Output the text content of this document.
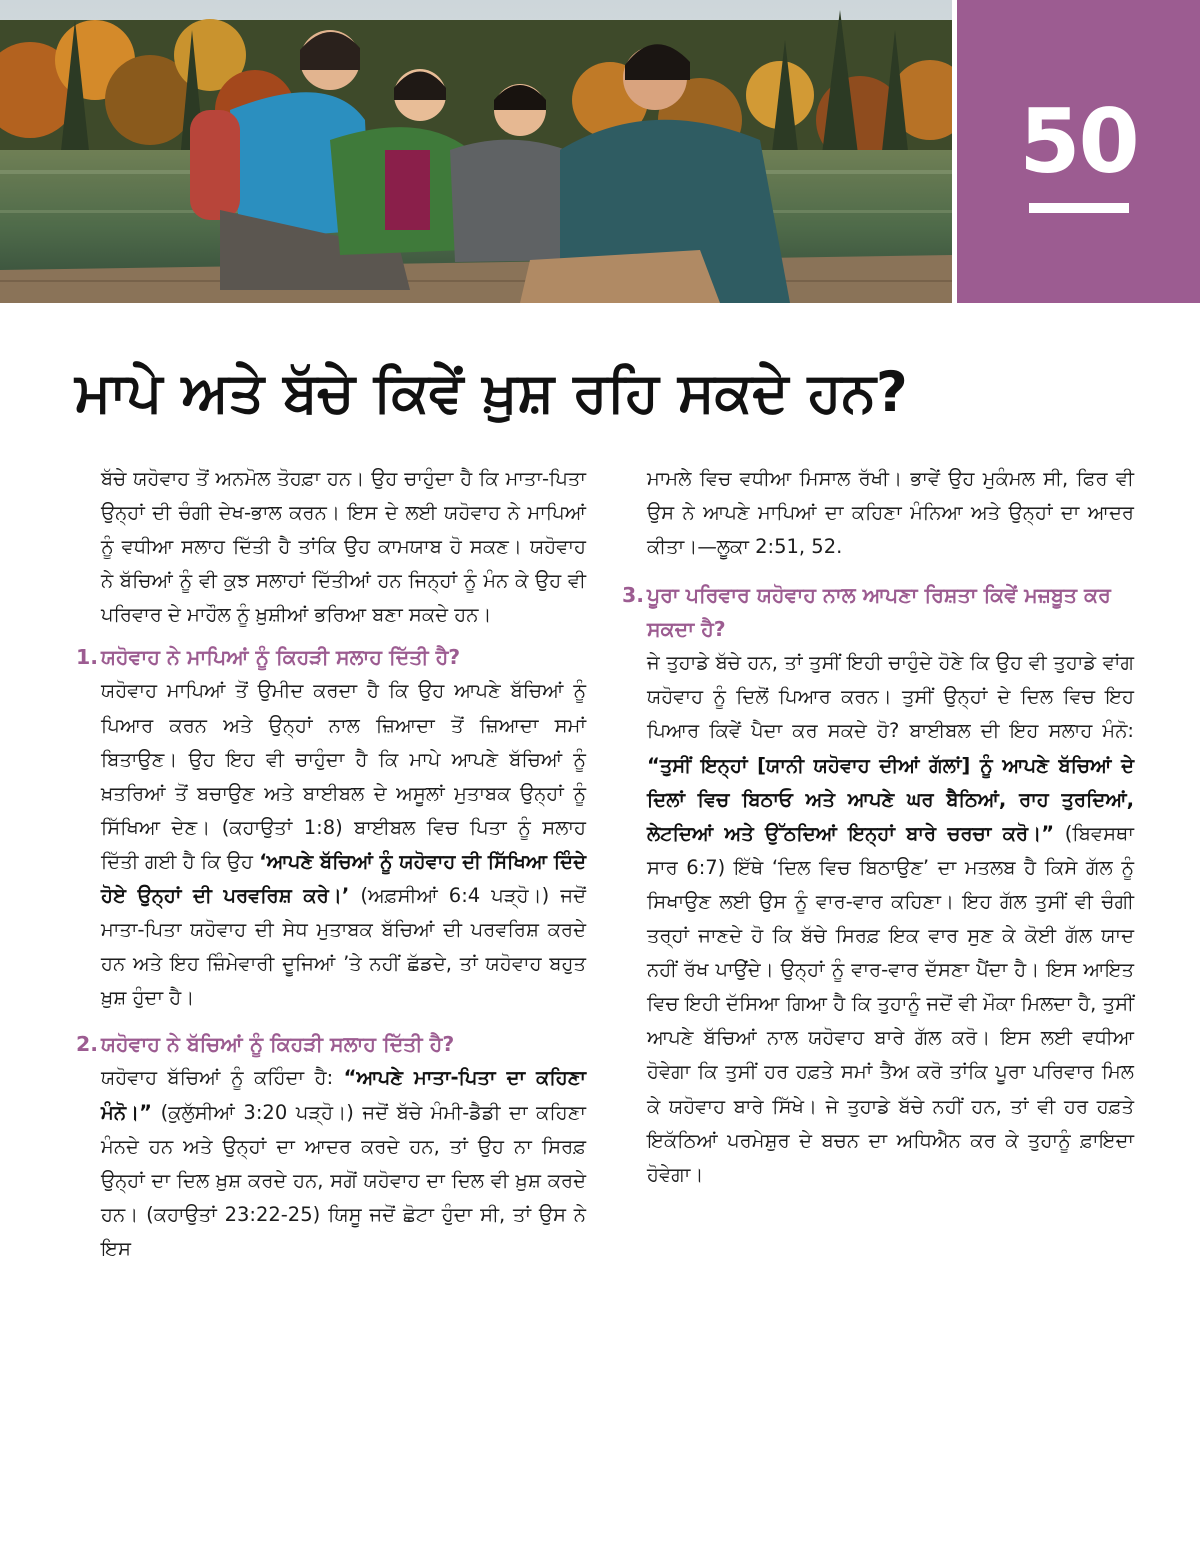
50
ਮਾਪੇ ਅਤੇ ਬੱਚੇ ਕਿਵੇਂ ਖ਼ੁਸ਼ ਰਹਿ ਸਕਦੇ ਹਨ?

ਬੱਚੇ ਯਹੋਵਾਹ ਤੋਂ ਅਨਮੋਲ ਤੋਹਫ਼ਾ ਹਨ। ਉਹ ਚਾਹੁੰਦਾ ਹੈ ਕਿ ਮਾਤਾ-ਪਿਤਾ ਉਨ੍ਹਾਂ ਦੀ ਚੰਗੀ ਦੇਖ-ਭਾਲ ਕਰਨ। ਇਸ ਦੇ ਲਈ ਯਹੋਵਾਹ ਨੇ ਮਾਪਿਆਂ ਨੂੰ ਵਧੀਆ ਸਲਾਹ ਦਿੱਤੀ ਹੈ ਤਾਂਕਿ ਉਹ ਕਾਮਯਾਬ ਹੋ ਸਕਣ। ਯਹੋਵਾਹ ਨੇ ਬੱਚਿਆਂ ਨੂੰ ਵੀ ਕੁਝ ਸਲਾਹਾਂ ਦਿੱਤੀਆਂ ਹਨ ਜਿਨ੍ਹਾਂ ਨੂੰ ਮੰਨ ਕੇ ਉਹ ਵੀ ਪਰਿਵਾਰ ਦੇ ਮਾਹੌਲ ਨੂੰ ਖ਼ੁਸ਼ੀਆਂ ਭਰਿਆ ਬਣਾ ਸਕਦੇ ਹਨ।

1. ਯਹੋਵਾਹ ਨੇ ਮਾਪਿਆਂ ਨੂੰ ਕਿਹੜੀ ਸਲਾਹ ਦਿੱਤੀ ਹੈ?

ਯਹੋਵਾਹ ਮਾਪਿਆਂ ਤੋਂ ਉਮੀਦ ਕਰਦਾ ਹੈ ਕਿ ਉਹ ਆਪਣੇ ਬੱਚਿਆਂ ਨੂੰ ਪਿਆਰ ਕਰਨ ਅਤੇ ਉਨ੍ਹਾਂ ਨਾਲ ਜ਼ਿਆਦਾ ਤੋਂ ਜ਼ਿਆਦਾ ਸਮਾਂ ਬਿਤਾਉਣ। ਉਹ ਇਹ ਵੀ ਚਾਹੁੰਦਾ ਹੈ ਕਿ ਮਾਪੇ ਆਪਣੇ ਬੱਚਿਆਂ ਨੂੰ ਖ਼ਤਰਿਆਂ ਤੋਂ ਬਚਾਉਣ ਅਤੇ ਬਾਈਬਲ ਦੇ ਅਸੂਲਾਂ ਮੁਤਾਬਕ ਉਨ੍ਹਾਂ ਨੂੰ ਸਿੱਖਿਆ ਦੇਣ। (ਕਹਾਉਤਾਂ 1:8) ਬਾਈਬਲ ਵਿਚ ਪਿਤਾ ਨੂੰ ਸਲਾਹ ਦਿੱਤੀ ਗਈ ਹੈ ਕਿ ਉਹ ‘ਆਪਣੇ ਬੱਚਿਆਂ ਨੂੰ ਯਹੋਵਾਹ ਦੀ ਸਿੱਖਿਆ ਦਿੰਦੇ ਹੋਏ ਉਨ੍ਹਾਂ ਦੀ ਪਰਵਰਿਸ਼ ਕਰੇ।’ (ਅਫ਼ਸੀਆਂ 6:4 ਪੜ੍ਹੋ।) ਜਦੋਂ ਮਾਤਾ-ਪਿਤਾ ਯਹੋਵਾਹ ਦੀ ਸੇਧ ਮੁਤਾਬਕ ਬੱਚਿਆਂ ਦੀ ਪਰਵਰਿਸ਼ ਕਰਦੇ ਹਨ ਅਤੇ ਇਹ ਜ਼ਿੰਮੇਵਾਰੀ ਦੂਜਿਆਂ ’ਤੇ ਨਹੀਂ ਛੱਡਦੇ, ਤਾਂ ਯਹੋਵਾਹ ਬਹੁਤ ਖ਼ੁਸ਼ ਹੁੰਦਾ ਹੈ।

2. ਯਹੋਵਾਹ ਨੇ ਬੱਚਿਆਂ ਨੂੰ ਕਿਹੜੀ ਸਲਾਹ ਦਿੱਤੀ ਹੈ?

ਯਹੋਵਾਹ ਬੱਚਿਆਂ ਨੂੰ ਕਹਿੰਦਾ ਹੈ: “ਆਪਣੇ ਮਾਤਾ-ਪਿਤਾ ਦਾ ਕਹਿਣਾ ਮੰਨੋ।” (ਕੁਲੁੱਸੀਆਂ 3:20 ਪੜ੍ਹੋ।) ਜਦੋਂ ਬੱਚੇ ਮੰਮੀ-ਡੈਡੀ ਦਾ ਕਹਿਣਾ ਮੰਨਦੇ ਹਨ ਅਤੇ ਉਨ੍ਹਾਂ ਦਾ ਆਦਰ ਕਰਦੇ ਹਨ, ਤਾਂ ਉਹ ਨਾ ਸਿਰਫ਼ ਉਨ੍ਹਾਂ ਦਾ ਦਿਲ ਖ਼ੁਸ਼ ਕਰਦੇ ਹਨ, ਸਗੋਂ ਯਹੋਵਾਹ ਦਾ ਦਿਲ ਵੀ ਖ਼ੁਸ਼ ਕਰਦੇ ਹਨ। (ਕਹਾਉਤਾਂ 23:22-25) ਯਿਸੂ ਜਦੋਂ ਛੋਟਾ ਹੁੰਦਾ ਸੀ, ਤਾਂ ਉਸ ਨੇ ਇਸ

ਮਾਮਲੇ ਵਿਚ ਵਧੀਆ ਮਿਸਾਲ ਰੱਖੀ। ਭਾਵੇਂ ਉਹ ਮੁਕੰਮਲ ਸੀ, ਫਿਰ ਵੀ ਉਸ ਨੇ ਆਪਣੇ ਮਾਪਿਆਂ ਦਾ ਕਹਿਣਾ ਮੰਨਿਆ ਅਤੇ ਉਨ੍ਹਾਂ ਦਾ ਆਦਰ ਕੀਤਾ।—ਲੂਕਾ 2:51, 52.

3. ਪੂਰਾ ਪਰਿਵਾਰ ਯਹੋਵਾਹ ਨਾਲ ਆਪਣਾ ਰਿਸ਼ਤਾ ਕਿਵੇਂ ਮਜ਼ਬੂਤ ਕਰ ਸਕਦਾ ਹੈ?

ਜੇ ਤੁਹਾਡੇ ਬੱਚੇ ਹਨ, ਤਾਂ ਤੁਸੀਂ ਇਹੀ ਚਾਹੁੰਦੇ ਹੋਣੇ ਕਿ ਉਹ ਵੀ ਤੁਹਾਡੇ ਵਾਂਗ ਯਹੋਵਾਹ ਨੂੰ ਦਿਲੋਂ ਪਿਆਰ ਕਰਨ। ਤੁਸੀਂ ਉਨ੍ਹਾਂ ਦੇ ਦਿਲ ਵਿਚ ਇਹ ਪਿਆਰ ਕਿਵੇਂ ਪੈਦਾ ਕਰ ਸਕਦੇ ਹੋ? ਬਾਈਬਲ ਦੀ ਇਹ ਸਲਾਹ ਮੰਨੋ: “ਤੁਸੀਂ ਇਨ੍ਹਾਂ [ਯਾਨੀ ਯਹੋਵਾਹ ਦੀਆਂ ਗੱਲਾਂ] ਨੂੰ ਆਪਣੇ ਬੱਚਿਆਂ ਦੇ ਦਿਲਾਂ ਵਿਚ ਬਿਠਾਓ ਅਤੇ ਆਪਣੇ ਘਰ ਬੈਠਿਆਂ, ਰਾਹ ਤੁਰਦਿਆਂ, ਲੇਟਦਿਆਂ ਅਤੇ ਉੱਠਦਿਆਂ ਇਨ੍ਹਾਂ ਬਾਰੇ ਚਰਚਾ ਕਰੋ।” (ਬਿਵਸਥਾ ਸਾਰ 6:7) ਇੱਥੇ ‘ਦਿਲ ਵਿਚ ਬਿਠਾਉਣ’ ਦਾ ਮਤਲਬ ਹੈ ਕਿਸੇ ਗੱਲ ਨੂੰ ਸਿਖਾਉਣ ਲਈ ਉਸ ਨੂੰ ਵਾਰ-ਵਾਰ ਕਹਿਣਾ। ਇਹ ਗੱਲ ਤੁਸੀਂ ਵੀ ਚੰਗੀ ਤਰ੍ਹਾਂ ਜਾਣਦੇ ਹੋ ਕਿ ਬੱਚੇ ਸਿਰਫ਼ ਇਕ ਵਾਰ ਸੁਣ ਕੇ ਕੋਈ ਗੱਲ ਯਾਦ ਨਹੀਂ ਰੱਖ ਪਾਉਂਦੇ। ਉਨ੍ਹਾਂ ਨੂੰ ਵਾਰ-ਵਾਰ ਦੱਸਣਾ ਪੈਂਦਾ ਹੈ। ਇਸ ਆਇਤ ਵਿਚ ਇਹੀ ਦੱਸਿਆ ਗਿਆ ਹੈ ਕਿ ਤੁਹਾਨੂੰ ਜਦੋਂ ਵੀ ਮੌਕਾ ਮਿਲਦਾ ਹੈ, ਤੁਸੀਂ ਆਪਣੇ ਬੱਚਿਆਂ ਨਾਲ ਯਹੋਵਾਹ ਬਾਰੇ ਗੱਲ ਕਰੋ। ਇਸ ਲਈ ਵਧੀਆ ਹੋਵੇਗਾ ਕਿ ਤੁਸੀਂ ਹਰ ਹਫ਼ਤੇ ਸਮਾਂ ਤੈਅ ਕਰੋ ਤਾਂਕਿ ਪੂਰਾ ਪਰਿਵਾਰ ਮਿਲ ਕੇ ਯਹੋਵਾਹ ਬਾਰੇ ਸਿੱਖੇ। ਜੇ ਤੁਹਾਡੇ ਬੱਚੇ ਨਹੀਂ ਹਨ, ਤਾਂ ਵੀ ਹਰ ਹਫ਼ਤੇ ਇਕੱਠਿਆਂ ਪਰਮੇਸ਼ੁਰ ਦੇ ਬਚਨ ਦਾ ਅਧਿਐਨ ਕਰ ਕੇ ਤੁਹਾਨੂੰ ਫ਼ਾਇਦਾ ਹੋਵੇਗਾ।
